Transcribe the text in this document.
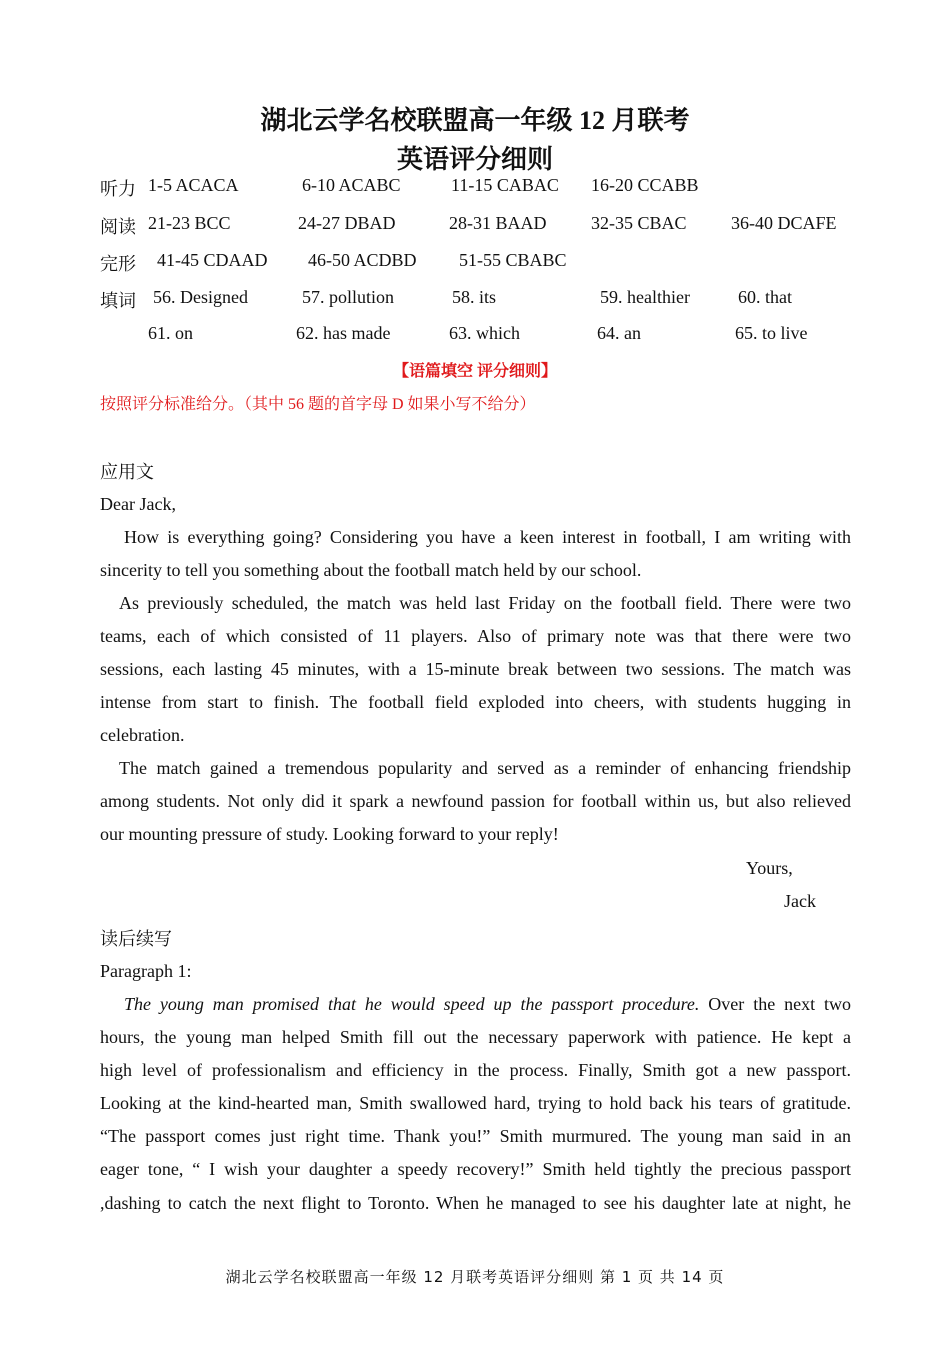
湖北云学名校联盟高一年级 12 月联考
英语评分细则
听力 1-5 ACACA	6-10 ACABC	11-15 CABAC 16-20 CCABB
阅读 21-23 BCC	24-27 DBAD	28-31 BAAD 32-35 CBAC 36-40 DCAFE
完形 41-45 CDAAD 46-50 ACDBD 51-55 CBABC
填词 56. Designed	57. pollution	58. its	59. healthier	60. that
61. on	62. has made	63. which	64. an	65. to live
【语篇填空 评分细则】
按照评分标准给分。（其中 56 题的首字母 D 如果小写不给分）
应用文
Dear Jack,
How is everything going? Considering you have a keen interest in football, I am writing with
sincerity to tell you something about the football match held by our school.
As previously scheduled, the match was held last Friday on the football field. There were two
teams, each of which consisted of 11 players. Also of primary note was that there were two
sessions, each lasting 45 minutes, with a 15-minute break between two sessions. The match was
intense from start to finish. The football field exploded into cheers, with students hugging in
celebration.
The match gained a tremendous popularity and served as a reminder of enhancing friendship
among students. Not only did it spark a newfound passion for football within us, but also relieved
our mounting pressure of study. Looking forward to your reply!
Yours,
Jack
读后续写
Paragraph 1:
The young man promised that he would speed up the passport procedure. Over the next two
hours, the young man helped Smith fill out the necessary paperwork with patience. He kept a
high level of professionalism and efficiency in the process. Finally, Smith got a new passport.
Looking at the kind-hearted man, Smith swallowed hard, trying to hold back his tears of gratitude.
“The passport comes just right time. Thank you!” Smith murmured. The young man said in an
eager tone, “ I wish your daughter a speedy recovery!” Smith held tightly the precious passport
,dashing to catch the next flight to Toronto. When he managed to see his daughter late at night, he
湖北云学名校联盟高一年级 12 月联考英语评分细则 第 1 页 共 14 页
